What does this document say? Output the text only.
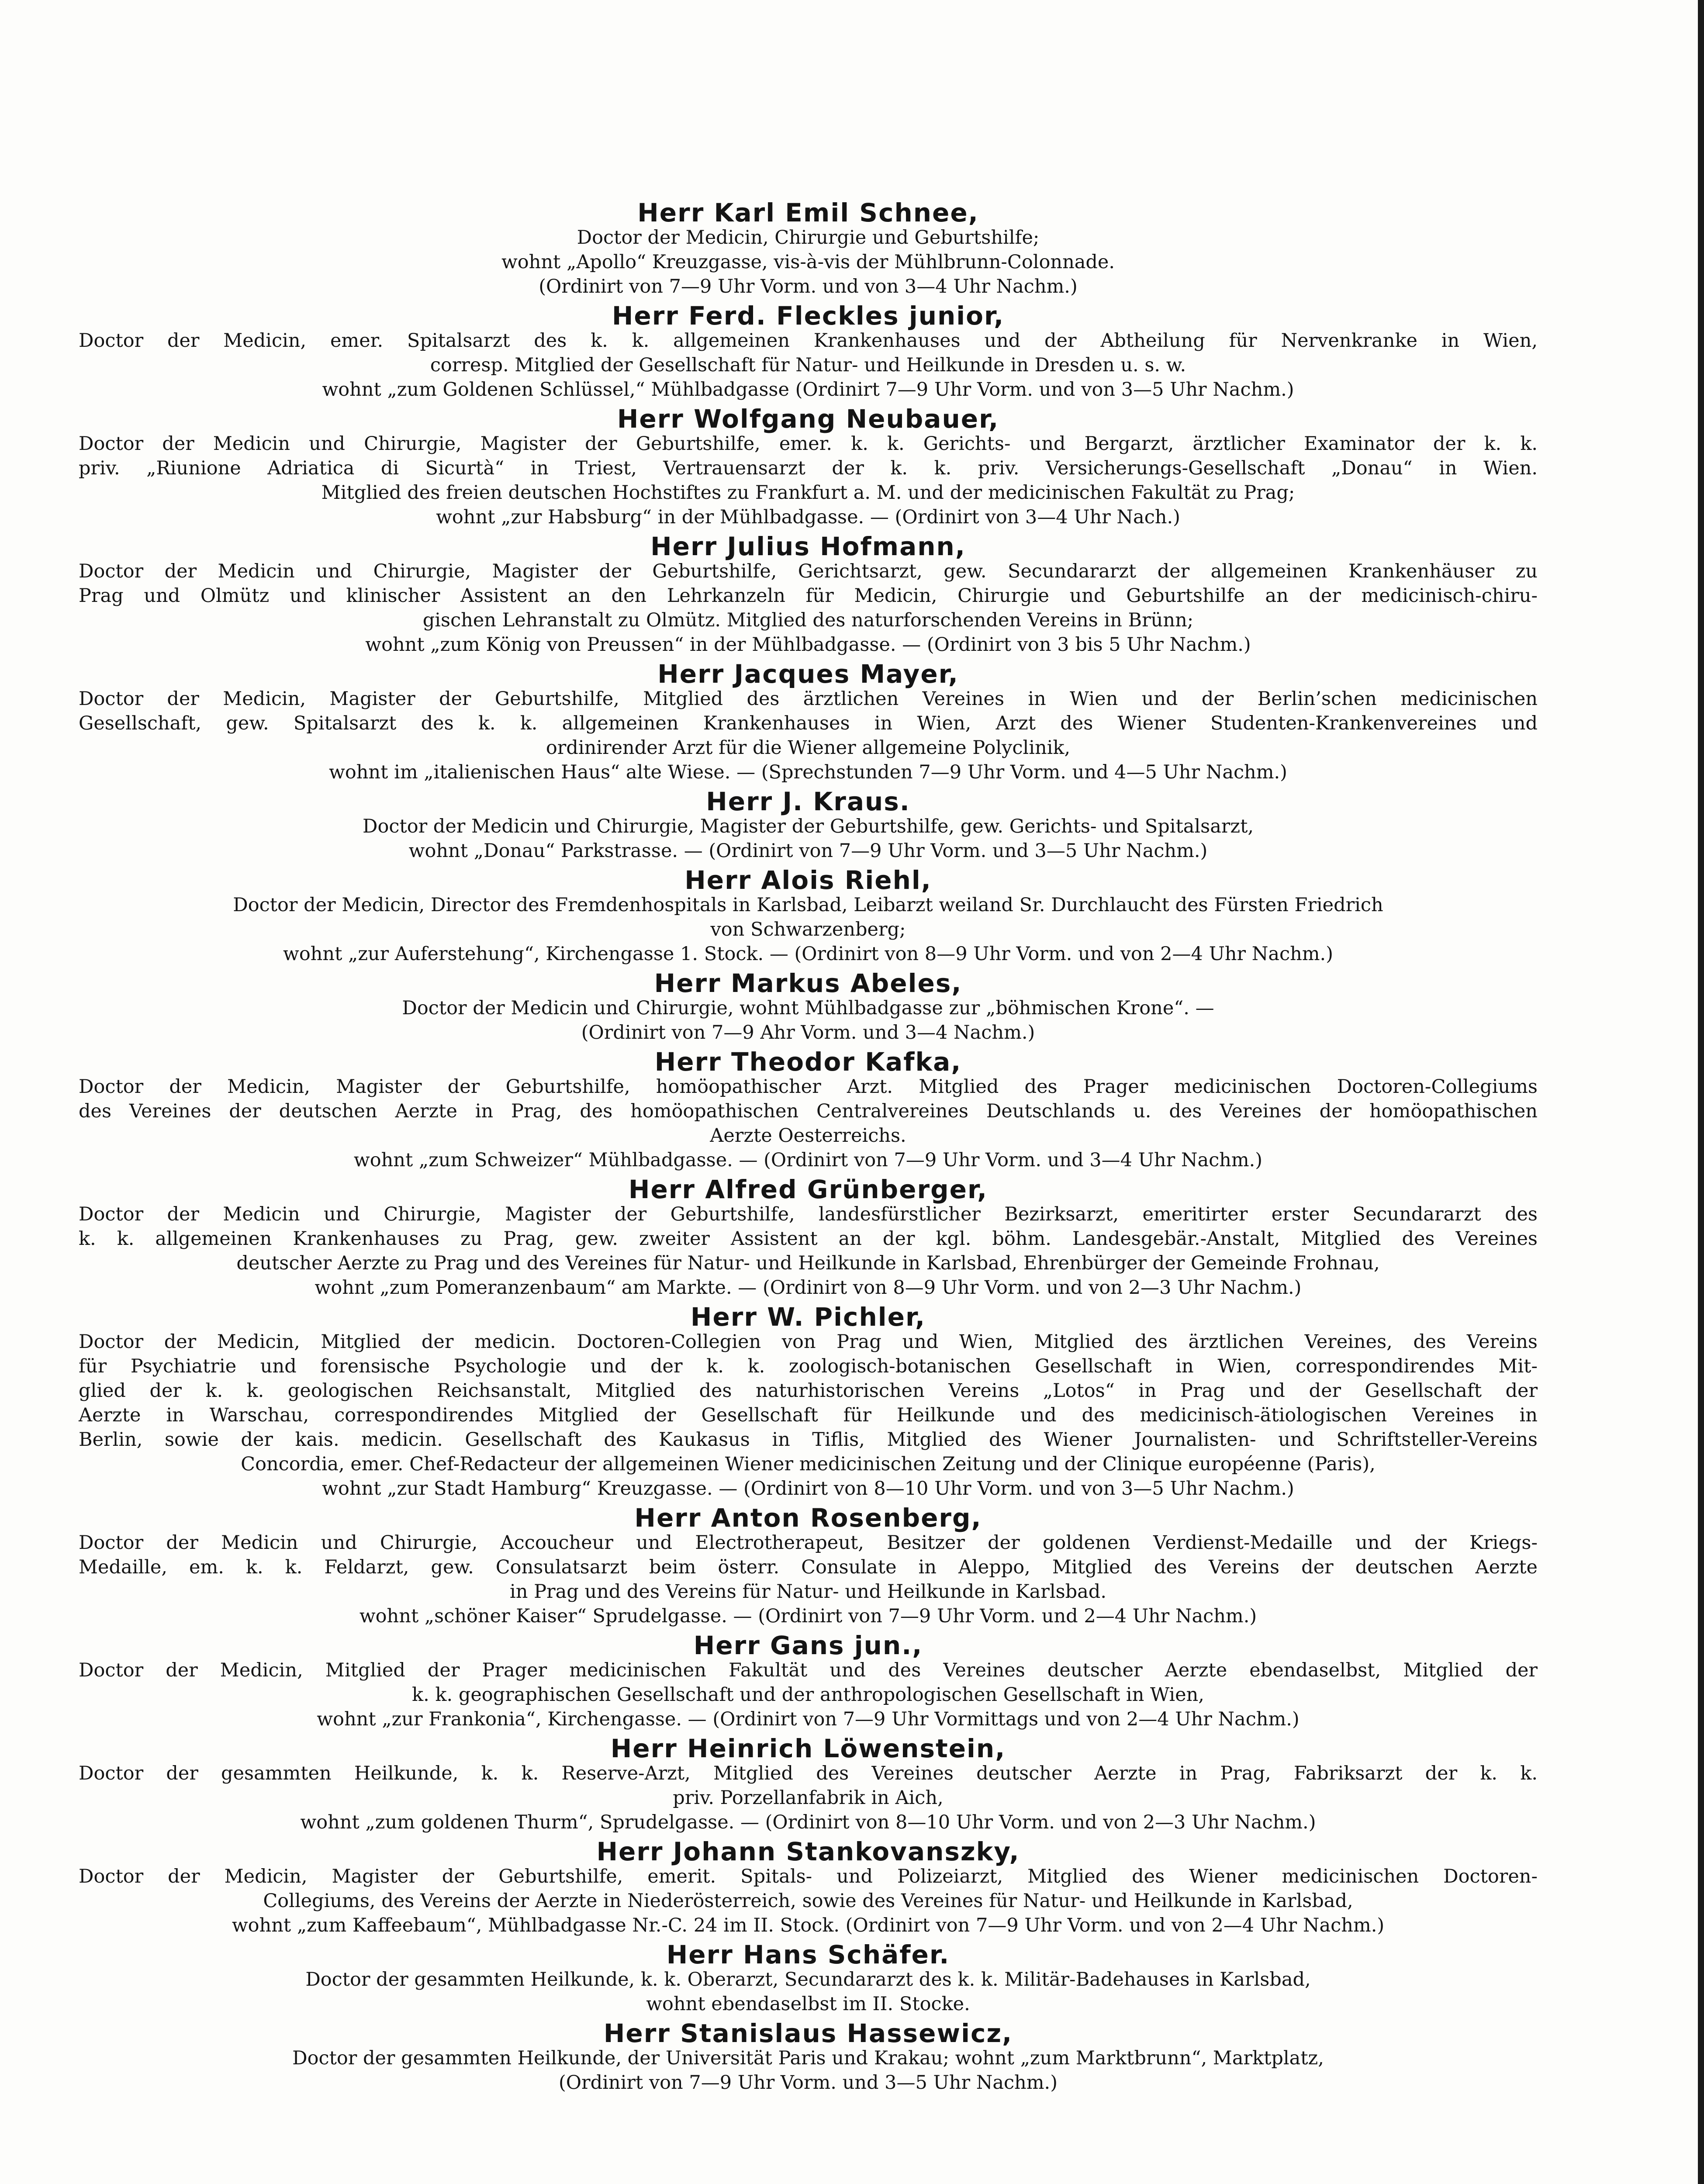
Herr Karl Emil Schnee,
Doctor der Medicin, Chirurgie und Geburtshilfe;
wohnt „Apollo“ Kreuzgasse, vis-à-vis der Mühlbrunn-Colonnade.
(Ordinirt von 7—9 Uhr Vorm. und von 3—4 Uhr Nachm.)
Herr Ferd. Fleckles junior,
Doctor der Medicin, emer. Spitalsarzt des k. k. allgemeinen Krankenhauses und der Abtheilung für Nervenkranke in Wien,
corresp. Mitglied der Gesellschaft für Natur- und Heilkunde in Dresden u. s. w.
wohnt „zum Goldenen Schlüssel,“ Mühlbadgasse (Ordinirt 7—9 Uhr Vorm. und von 3—5 Uhr Nachm.)
Herr Wolfgang Neubauer,
Doctor der Medicin und Chirurgie, Magister der Geburtshilfe, emer. k. k. Gerichts- und Bergarzt, ärztlicher Examinator der k. k.
priv. „Riunione Adriatica di Sicurtà“ in Triest, Vertrauensarzt der k. k. priv. Versicherungs-Gesellschaft „Donau“ in Wien.
Mitglied des freien deutschen Hochstiftes zu Frankfurt a. M. und der medicinischen Fakultät zu Prag;
wohnt „zur Habsburg“ in der Mühlbadgasse. — (Ordinirt von 3—4 Uhr Nach.)
Herr Julius Hofmann,
Doctor der Medicin und Chirurgie, Magister der Geburtshilfe, Gerichtsarzt, gew. Secundararzt der allgemeinen Krankenhäuser zu
Prag und Olmütz und klinischer Assistent an den Lehrkanzeln für Medicin, Chirurgie und Geburtshilfe an der medicinisch-chiru-
gischen Lehranstalt zu Olmütz. Mitglied des naturforschenden Vereins in Brünn;
wohnt „zum König von Preussen“ in der Mühlbadgasse. — (Ordinirt von 3 bis 5 Uhr Nachm.)
Herr Jacques Mayer,
Doctor der Medicin, Magister der Geburtshilfe, Mitglied des ärztlichen Vereines in Wien und der Berlin’schen medicinischen
Gesellschaft, gew. Spitalsarzt des k. k. allgemeinen Krankenhauses in Wien, Arzt des Wiener Studenten-Krankenvereines und
ordinirender Arzt für die Wiener allgemeine Polyclinik,
wohnt im „italienischen Haus“ alte Wiese. — (Sprechstunden 7—9 Uhr Vorm. und 4—5 Uhr Nachm.)
Herr J. Kraus.
Doctor der Medicin und Chirurgie, Magister der Geburtshilfe, gew. Gerichts- und Spitalsarzt,
wohnt „Donau“ Parkstrasse. — (Ordinirt von 7—9 Uhr Vorm. und 3—5 Uhr Nachm.)
Herr Alois Riehl,
Doctor der Medicin, Director des Fremdenhospitals in Karlsbad, Leibarzt weiland Sr. Durchlaucht des Fürsten Friedrich
von Schwarzenberg;
wohnt „zur Auferstehung“, Kirchengasse 1. Stock. — (Ordinirt von 8—9 Uhr Vorm. und von 2—4 Uhr Nachm.)
Herr Markus Abeles,
Doctor der Medicin und Chirurgie, wohnt Mühlbadgasse zur „böhmischen Krone“. —
(Ordinirt von 7—9 Ahr Vorm. und 3—4 Nachm.)
Herr Theodor Kafka,
Doctor der Medicin, Magister der Geburtshilfe, homöopathischer Arzt. Mitglied des Prager medicinischen Doctoren-Collegiums
des Vereines der deutschen Aerzte in Prag, des homöopathischen Centralvereines Deutschlands u. des Vereines der homöopathischen
Aerzte Oesterreichs.
wohnt „zum Schweizer“ Mühlbadgasse. — (Ordinirt von 7—9 Uhr Vorm. und 3—4 Uhr Nachm.)
Herr Alfred Grünberger,
Doctor der Medicin und Chirurgie, Magister der Geburtshilfe, landesfürstlicher Bezirksarzt, emeritirter erster Secundararzt des
k. k. allgemeinen Krankenhauses zu Prag, gew. zweiter Assistent an der kgl. böhm. Landesgebär.-Anstalt, Mitglied des Vereines
deutscher Aerzte zu Prag und des Vereines für Natur- und Heilkunde in Karlsbad, Ehrenbürger der Gemeinde Frohnau,
wohnt „zum Pomeranzenbaum“ am Markte. — (Ordinirt von 8—9 Uhr Vorm. und von 2—3 Uhr Nachm.)
Herr W. Pichler,
Doctor der Medicin, Mitglied der medicin. Doctoren-Collegien von Prag und Wien, Mitglied des ärztlichen Vereines, des Vereins
für Psychiatrie und forensische Psychologie und der k. k. zoologisch-botanischen Gesellschaft in Wien, correspondirendes Mit-
glied der k. k. geologischen Reichsanstalt, Mitglied des naturhistorischen Vereins „Lotos“ in Prag und der Gesellschaft der
Aerzte in Warschau, correspondirendes Mitglied der Gesellschaft für Heilkunde und des medicinisch-ätiologischen Vereines in
Berlin, sowie der kais. medicin. Gesellschaft des Kaukasus in Tiflis, Mitglied des Wiener Journalisten- und Schriftsteller-Vereins
Concordia, emer. Chef-Redacteur der allgemeinen Wiener medicinischen Zeitung und der Clinique européenne (Paris),
wohnt „zur Stadt Hamburg“ Kreuzgasse. — (Ordinirt von 8—10 Uhr Vorm. und von 3—5 Uhr Nachm.)
Herr Anton Rosenberg,
Doctor der Medicin und Chirurgie, Accoucheur und Electrotherapeut, Besitzer der goldenen Verdienst-Medaille und der Kriegs-
Medaille, em. k. k. Feldarzt, gew. Consulatsarzt beim österr. Consulate in Aleppo, Mitglied des Vereins der deutschen Aerzte
in Prag und des Vereins für Natur- und Heilkunde in Karlsbad.
wohnt „schöner Kaiser“ Sprudelgasse. — (Ordinirt von 7—9 Uhr Vorm. und 2—4 Uhr Nachm.)
Herr Gans jun.,
Doctor der Medicin, Mitglied der Prager medicinischen Fakultät und des Vereines deutscher Aerzte ebendaselbst, Mitglied der
k. k. geographischen Gesellschaft und der anthropologischen Gesellschaft in Wien,
wohnt „zur Frankonia“, Kirchengasse. — (Ordinirt von 7—9 Uhr Vormittags und von 2—4 Uhr Nachm.)
Herr Heinrich Löwenstein,
Doctor der gesammten Heilkunde, k. k. Reserve-Arzt, Mitglied des Vereines deutscher Aerzte in Prag, Fabriksarzt der k. k.
priv. Porzellanfabrik in Aich,
wohnt „zum goldenen Thurm“, Sprudelgasse. — (Ordinirt von 8—10 Uhr Vorm. und von 2—3 Uhr Nachm.)
Herr Johann Stankovanszky,
Doctor der Medicin, Magister der Geburtshilfe, emerit. Spitals- und Polizeiarzt, Mitglied des Wiener medicinischen Doctoren-
Collegiums, des Vereins der Aerzte in Niederösterreich, sowie des Vereines für Natur- und Heilkunde in Karlsbad,
wohnt „zum Kaffeebaum“, Mühlbadgasse Nr.-C. 24 im II. Stock. (Ordinirt von 7—9 Uhr Vorm. und von 2—4 Uhr Nachm.)
Herr Hans Schäfer.
Doctor der gesammten Heilkunde, k. k. Oberarzt, Secundararzt des k. k. Militär-Badehauses in Karlsbad,
wohnt ebendaselbst im II. Stocke.
Herr Stanislaus Hassewicz,
Doctor der gesammten Heilkunde, der Universität Paris und Krakau; wohnt „zum Marktbrunn“, Marktplatz,
(Ordinirt von 7—9 Uhr Vorm. und 3—5 Uhr Nachm.)
